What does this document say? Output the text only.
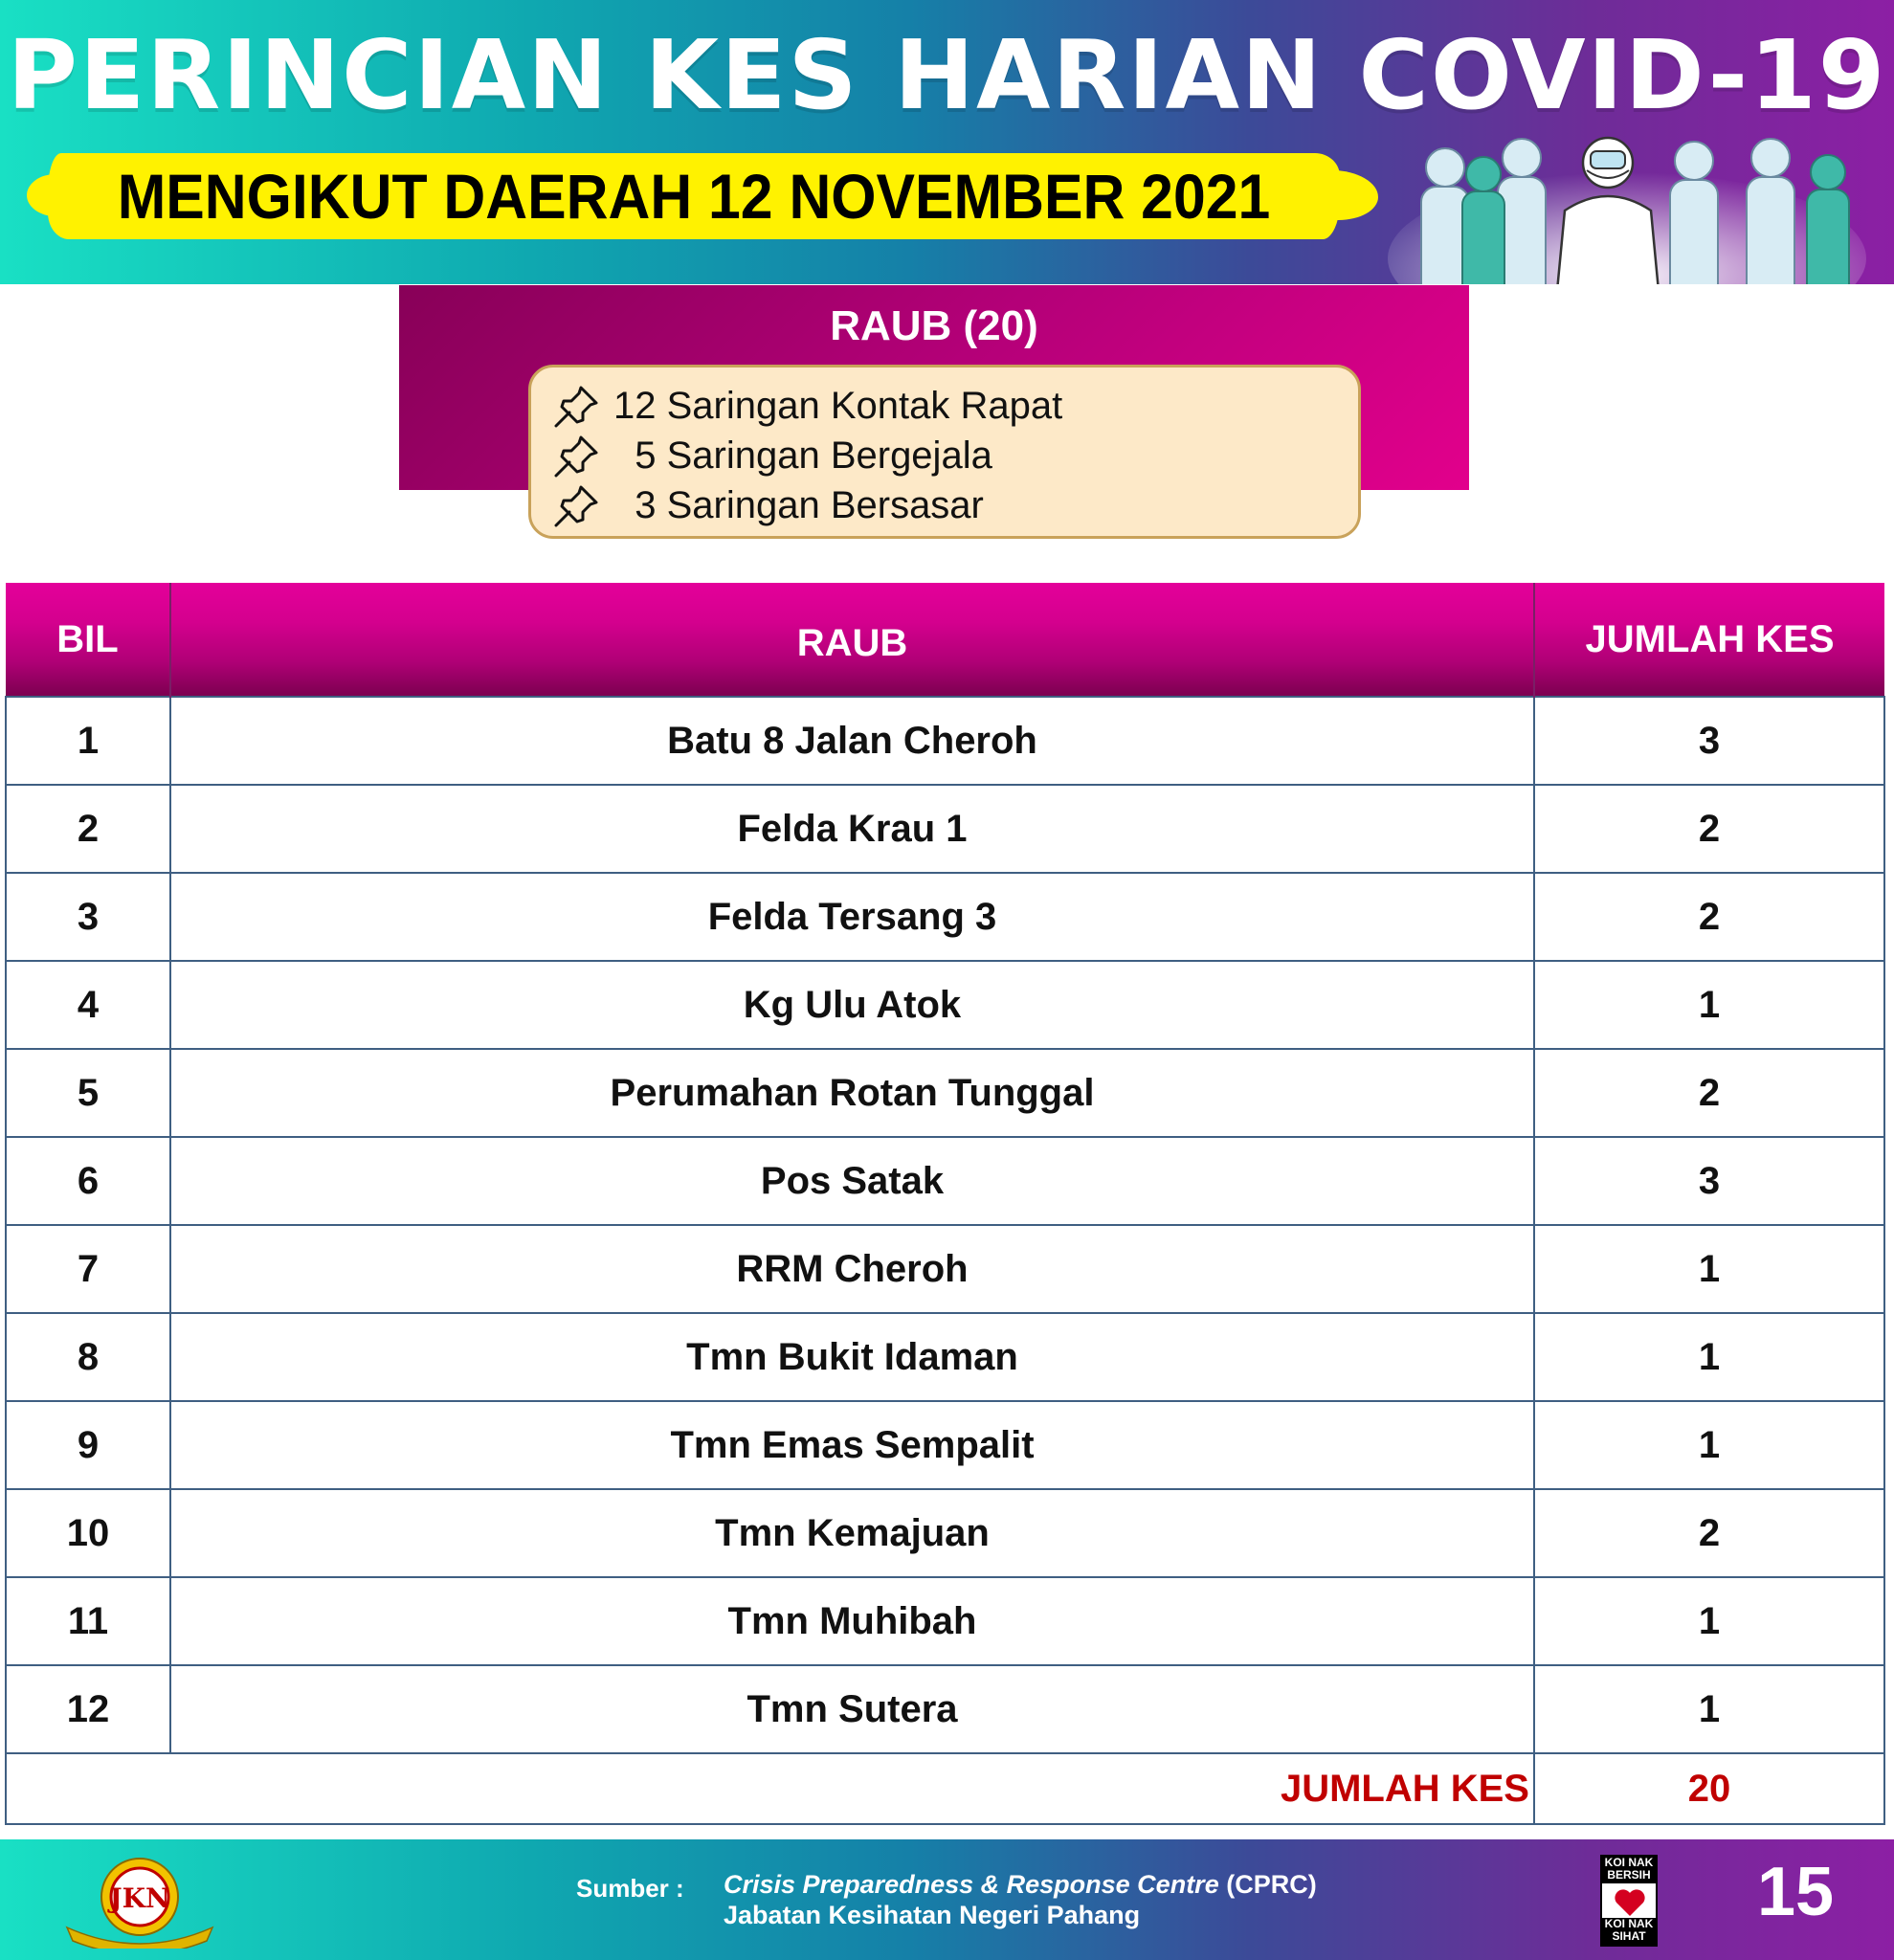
PERINCIAN KES HARIAN COVID-19
MENGIKUT DAERAH 12 NOVEMBER 2021
RAUB (20)
12 Saringan Kontak Rapat
5 Saringan Bergejala
3 Saringan Bersasar
BIL	RAUB	JUMLAH KES
1	Batu 8 Jalan Cheroh	3
2	Felda Krau 1	2
3	Felda Tersang 3	2
4	Kg Ulu Atok	1
5	Perumahan Rotan Tunggal	2
6	Pos Satak	3
7	RRM Cheroh	1
8	Tmn Bukit Idaman	1
9	Tmn Emas Sempalit	1
10	Tmn Kemajuan	2
11	Tmn Muhibah	1
12	Tmn Sutera	1
JUMLAH KES		20
JKN	Sumber : Crisis Preparedness & Response Centre (CPRC)
Jabatan Kesihatan Negeri Pahang
KOI NAK BERSIH
KOI NAK SIHAT
15
